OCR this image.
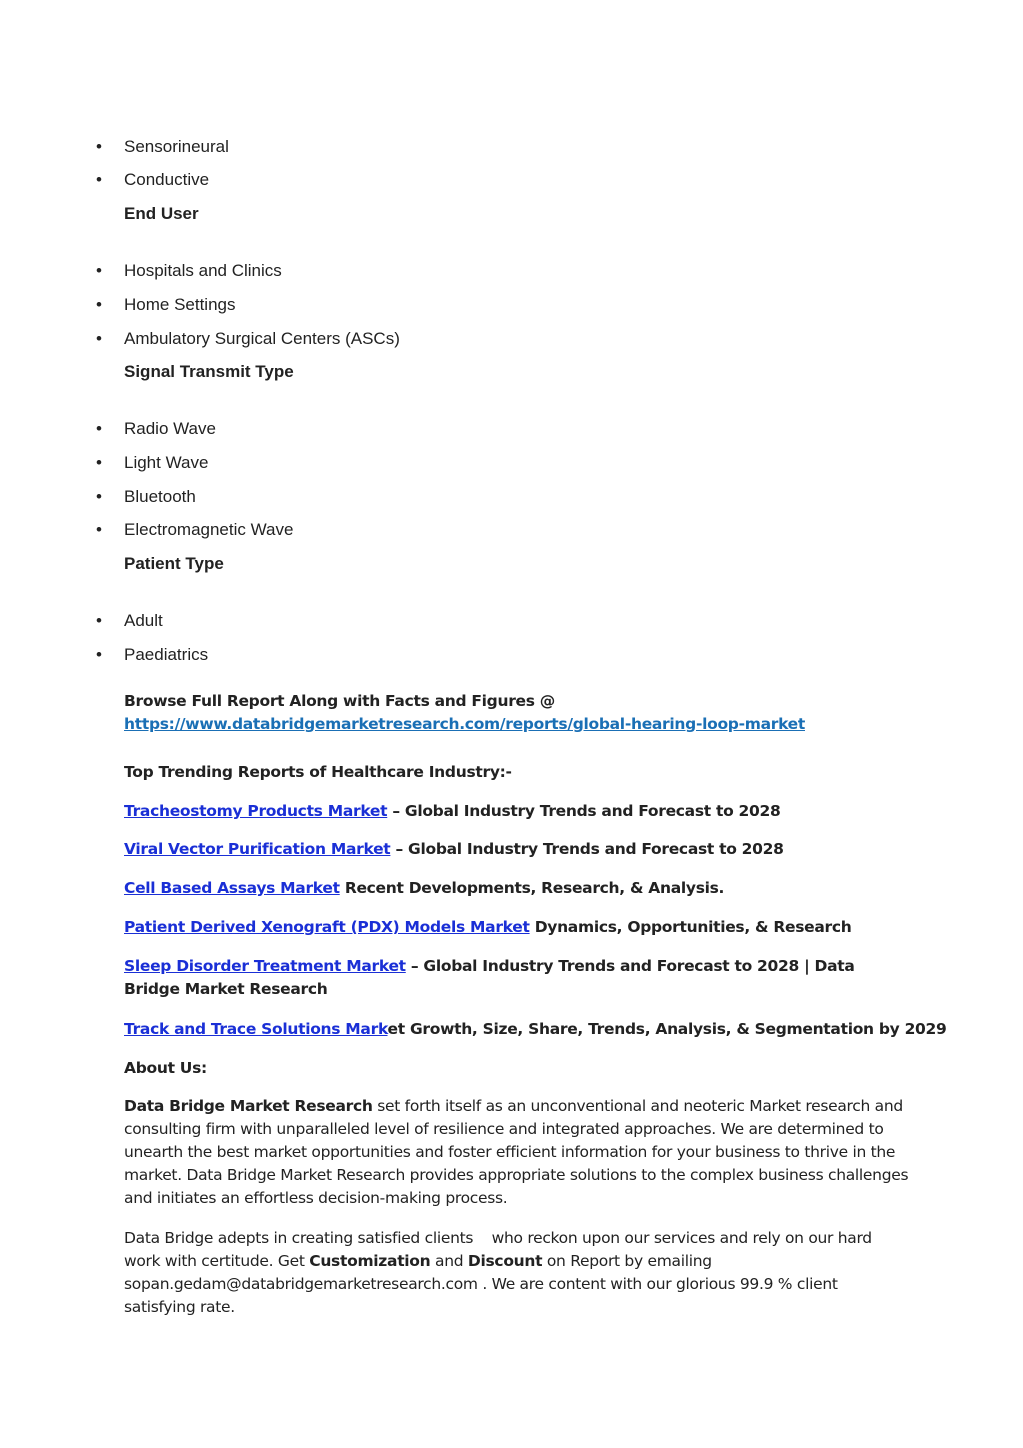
• Sensorineural
• Conductive
End User
• Hospitals and Clinics
• Home Settings
• Ambulatory Surgical Centers (ASCs)
Signal Transmit Type
• Radio Wave
• Light Wave
• Bluetooth
• Electromagnetic Wave
Patient Type
• Adult
• Paediatrics
Browse Full Report Along with Facts and Figures @
https://www.databridgemarketresearch.com/reports/global-hearing-loop-market
Top Trending Reports of Healthcare Industry:-
Tracheostomy Products Market – Global Industry Trends and Forecast to 2028
Viral Vector Purification Market – Global Industry Trends and Forecast to 2028
Cell Based Assays Market Recent Developments, Research, & Analysis.
Patient Derived Xenograft (PDX) Models Market Dynamics, Opportunities, & Research
Sleep Disorder Treatment Market – Global Industry Trends and Forecast to 2028 | Data Bridge Market Research
Track and Trace Solutions Market Growth, Size, Share, Trends, Analysis, & Segmentation by 2029
About Us:
Data Bridge Market Research set forth itself as an unconventional and neoteric Market research and consulting firm with unparalleled level of resilience and integrated approaches. We are determined to unearth the best market opportunities and foster efficient information for your business to thrive in the market. Data Bridge Market Research provides appropriate solutions to the complex business challenges and initiates an effortless decision-making process.
Data Bridge adepts in creating satisfied clients    who reckon upon our services and rely on our hard work with certitude. Get Customization and Discount on Report by emailing sopan.gedam@databridgemarketresearch.com . We are content with our glorious 99.9 % client satisfying rate.
